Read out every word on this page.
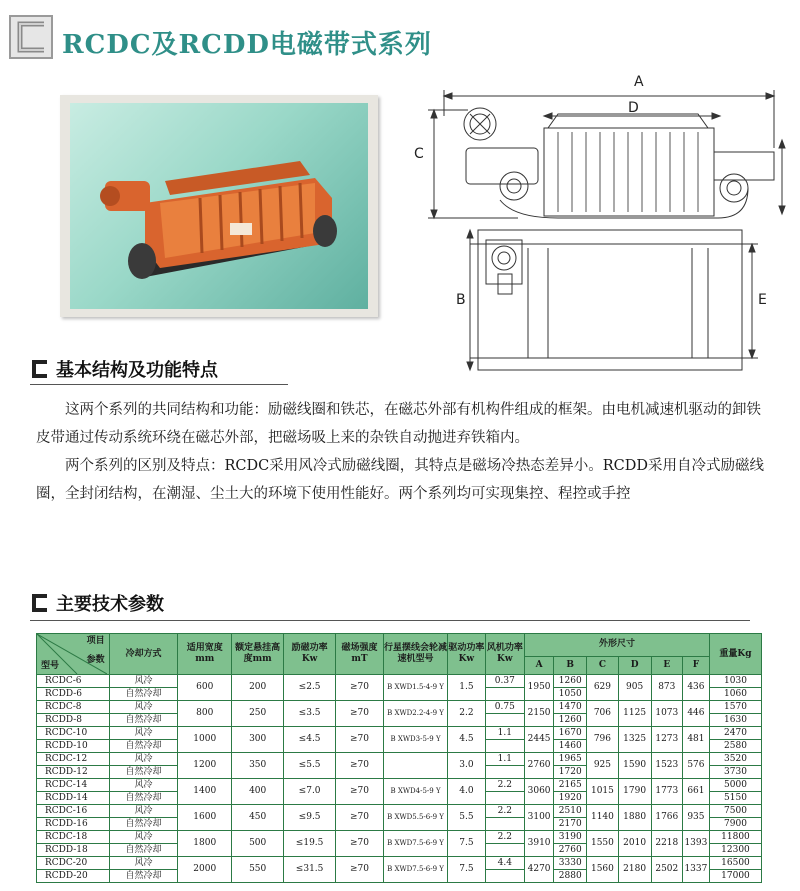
RCDC及RCDD电磁带式系列
A
D
C
B	E
基本结构及功能特点

这两个系列的共同结构和功能：励磁线圈和铁芯，在磁芯外部有机构件组成的框架。由电机减速机驱动的卸铁皮带通过传动系统环绕在磁芯外部，把磁场吸上来的杂铁自动抛进弃铁箱内。

两个系列的区别及特点：RCDC采用风冷式励磁线圈，其特点是磁场冷热态差异小。RCDD采用自冷式励磁线圈，全封闭结构，在潮湿、尘土大的环境下使用性能好。两个系列均可实现集控、程控或手控

主要技术参数
项目
参数
型号	冷却方式	适用宽度mm	额定悬挂高度mm	励磁功率Kw	磁场强度mT	行星摆线会轮减速机型号	驱动功率Kw	风机功率Kw	外形尺寸						重量Kg
									A	B	C	D	E	F	
RCDC-6	风冷	600	200	≤2.5	≥70	B XWD1.5-4-9 Y	1.5	0.37	1950	1260	629	905	873	436	1030
RCDD-6	自然冷却									1050					1060
RCDC-8	风冷	800	250	≤3.5	≥70	B XWD2.2-4-9 Y	2.2	0.75	2150	1470	706	1125	1073	446	1570
RCDD-8	自然冷却									1260					1630
RCDC-10	风冷	1000	300	≤4.5	≥70	B XWD3-5-9 Y	4.5	1.1	2445	1670	796	1325	1273	481	2470
RCDD-10	自然冷却									1460					2580
RCDC-12	风冷	1200	350	≤5.5	≥70		3.0	1.1	2760	1965	925	1590	1523	576	3520
RCDD-12	自然冷却									1720					3730
RCDC-14	风冷	1400	400	≤7.0	≥70	B XWD4-5-9 Y	4.0	2.2	3060	2165	1015	1790	1773	661	5000
RCDD-14	自然冷却									1920					5150
RCDC-16	风冷	1600	450	≤9.5	≥70	B XWD5.5-6-9 Y	5.5	2.2	3100	2510	1140	1880	1766	935	7500
RCDD-16	自然冷却									2170					7900
RCDC-18	风冷	1800	500	≤19.5	≥70	B XWD7.5-6-9 Y	7.5	2.2	3910	3190	1550	2010	2218	1393	11800
RCDD-18	自然冷却									2760					12300
RCDC-20	风冷	2000	550	≤31.5	≥70	B XWD7.5-6-9 Y	7.5	4.4	4270	3330	1560	2180	2502	1337	16500
RCDD-20	自然冷却									2880					17000
